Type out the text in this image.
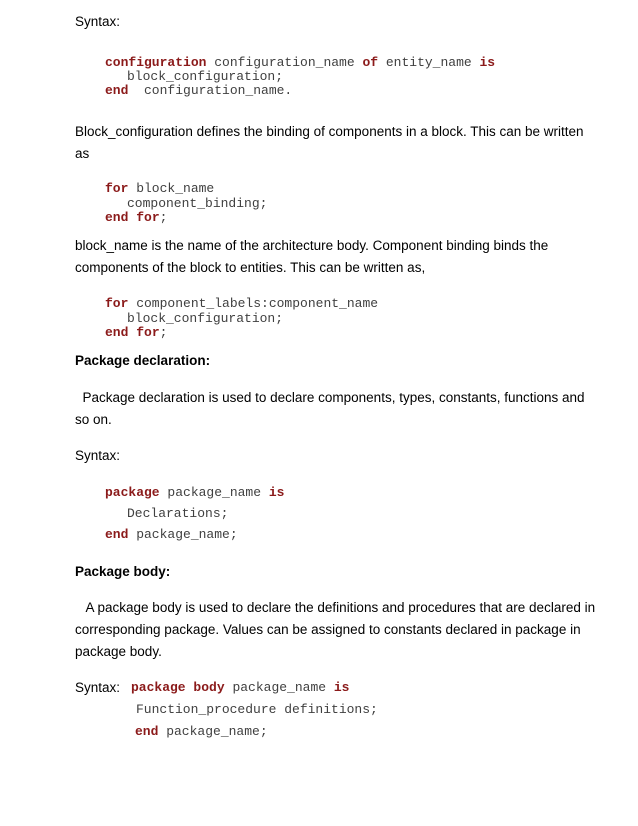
Syntax:

configuration configuration_name of entity_name is
block_configuration;
end  configuration_name.

Block_configuration defines the binding of components in a block. This can be written

as

for block_name
component_binding;
end for;

block_name is the name of the architecture body. Component binding binds the

components of the block to entities. This can be written as,

for component_labels:component_name
block_configuration;
end for;

Package declaration:

Package declaration is used to declare components, types, constants, functions and

so on.

Syntax:

package package_name is
Declarations;
end package_name;

Package body:

A package body is used to declare the definitions and procedures that are declared in

corresponding package. Values can be assigned to constants declared in package in

package body.

Syntax: package body package_name is
Function_procedure definitions;
end package_name;
